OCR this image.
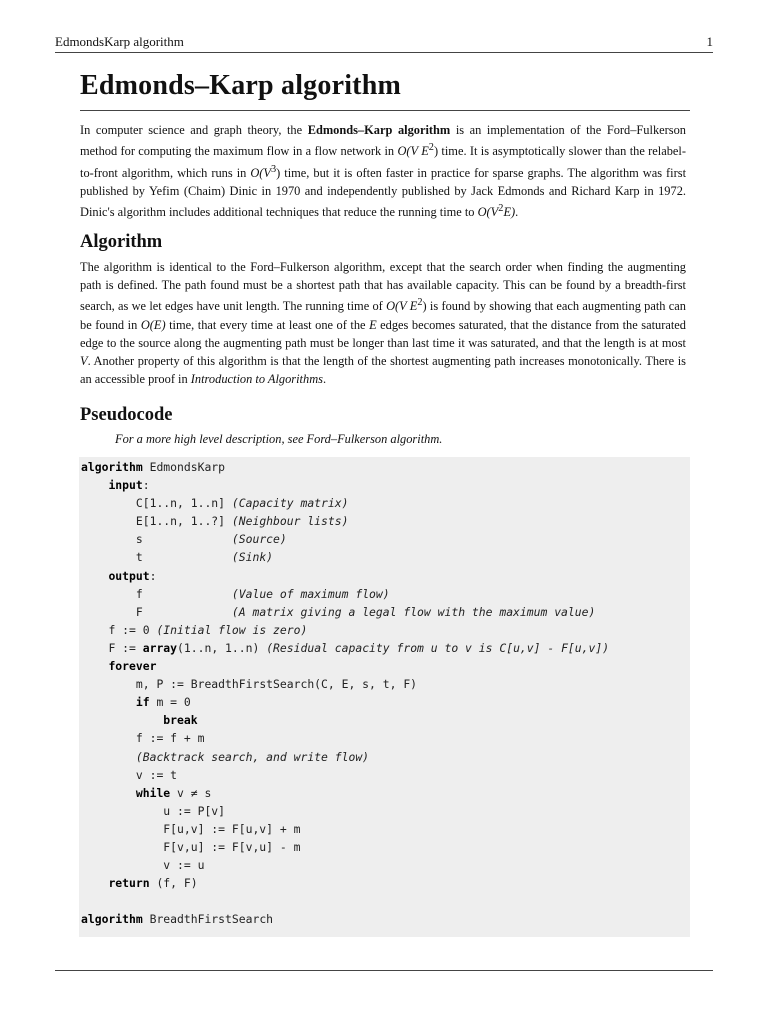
EdmondsKarp algorithm	1
Edmonds–Karp algorithm

In computer science and graph theory, the Edmonds–Karp algorithm is an implementation of the Ford–Fulkerson method for computing the maximum flow in a flow network in O(V $E^2$) time. It is asymptotically slower than the relabel-to-front algorithm, which runs in $O(V^3)$ time, but it is often faster in practice for sparse graphs. The algorithm was first published by Yefim (Chaim) Dinic in 1970 and independently published by Jack Edmonds and Richard Karp in 1972. Dinic's algorithm includes additional techniques that reduce the running time to $O(V^2E)$.

Algorithm

The algorithm is identical to the Ford–Fulkerson algorithm, except that the search order when finding the augmenting path is defined. The path found must be a shortest path that has available capacity. This can be found by a breadth-first search, as we let edges have unit length. The running time of O(V $E^2$) is found by showing that each augmenting path can be found in O(E) time, that every time at least one of the E edges becomes saturated, that the distance from the saturated edge to the source along the augmenting path must be longer than last time it was saturated, and that the length is at most V. Another property of this algorithm is that the length of the shortest augmenting path increases monotonically. There is an accessible proof in Introduction to Algorithms.

Pseudocode

For a more high level description, see Ford–Fulkerson algorithm.

algorithm EdmondsKarp
input:
C[1..n, 1..n] (Capacity matrix)
E[1..n, 1..?] (Neighbour lists)
s	(Source)
t	(Sink)
output:
f	(Value of maximum flow)
F	(A matrix giving a legal flow with the maximum value)
f := 0 (Initial flow is zero)
F := array(1..n, 1..n) (Residual capacity from u to v is C[u,v] - F[u,v])
forever
m, P := BreadthFirstSearch(C, E, s, t, F)
if m = 0
break
f := f + m
(Backtrack search, and write flow)
v := t
while v ≠ s
u := P[v]
F[u,v] := F[u,v] + m
F[v,u] := F[v,u] - m
v := u
return (f, F)

algorithm BreadthFirstSearch
